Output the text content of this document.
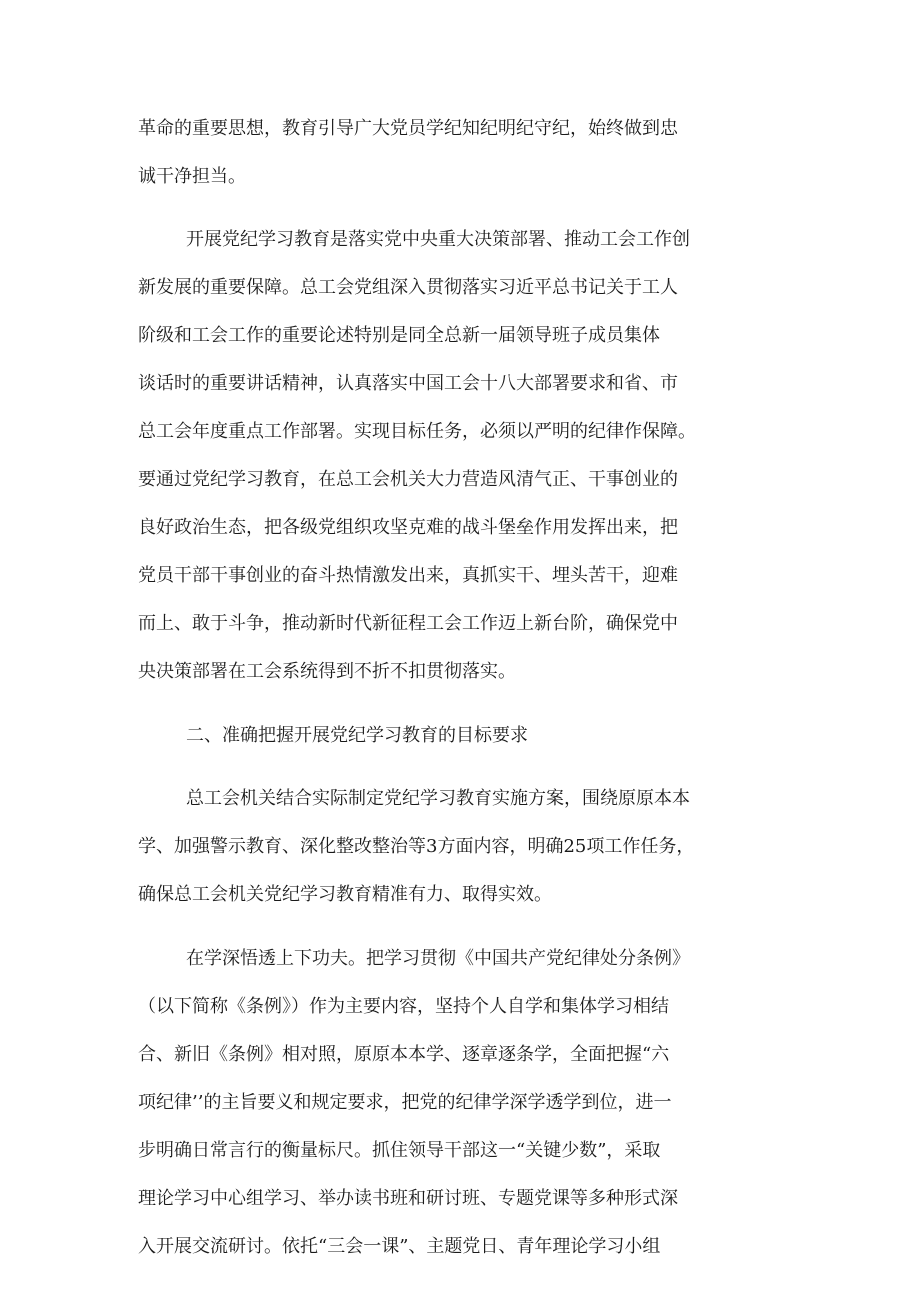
革命的重要思想，教育引导广大党员学纪知纪明纪守纪，始终做到忠
诚干净担当。
开展党纪学习教育是落实党中央重大决策部署、推动工会工作创
新发展的重要保障。总工会党组深入贯彻落实习近平总书记关于工人
阶级和工会工作的重要论述特别是同全总新一届领导班子成员集体
谈话时的重要讲话精神，认真落实中国工会十八大部署要求和省、市
总工会年度重点工作部署。实现目标任务，必须以严明的纪律作保障。
要通过党纪学习教育，在总工会机关大力营造风清气正、干事创业的
良好政治生态，把各级党组织攻坚克难的战斗堡垒作用发挥出来，把
党员干部干事创业的奋斗热情激发出来，真抓实干、埋头苦干，迎难
而上、敢于斗争，推动新时代新征程工会工作迈上新台阶，确保党中
央决策部署在工会系统得到不折不扣贯彻落实。
二、准确把握开展党纪学习教育的目标要求
总工会机关结合实际制定党纪学习教育实施方案，围绕原原本本
学、加强警示教育、深化整改整治等3方面内容，明确25项工作任务，
确保总工会机关党纪学习教育精准有力、取得实效。
在学深悟透上下功夫。把学习贯彻《中国共产党纪律处分条例》
（以下简称《条例》）作为主要内容，坚持个人自学和集体学习相结
合、新旧《条例》相对照，原原本本学、逐章逐条学，全面把握“六
项纪律’’的主旨要义和规定要求，把党的纪律学深学透学到位，进一
步明确日常言行的衡量标尺。抓住领导干部这一“关键少数”，采取
理论学习中心组学习、举办读书班和研讨班、专题党课等多种形式深
入开展交流研讨。依托“三会一课”、主题党日、青年理论学习小组
